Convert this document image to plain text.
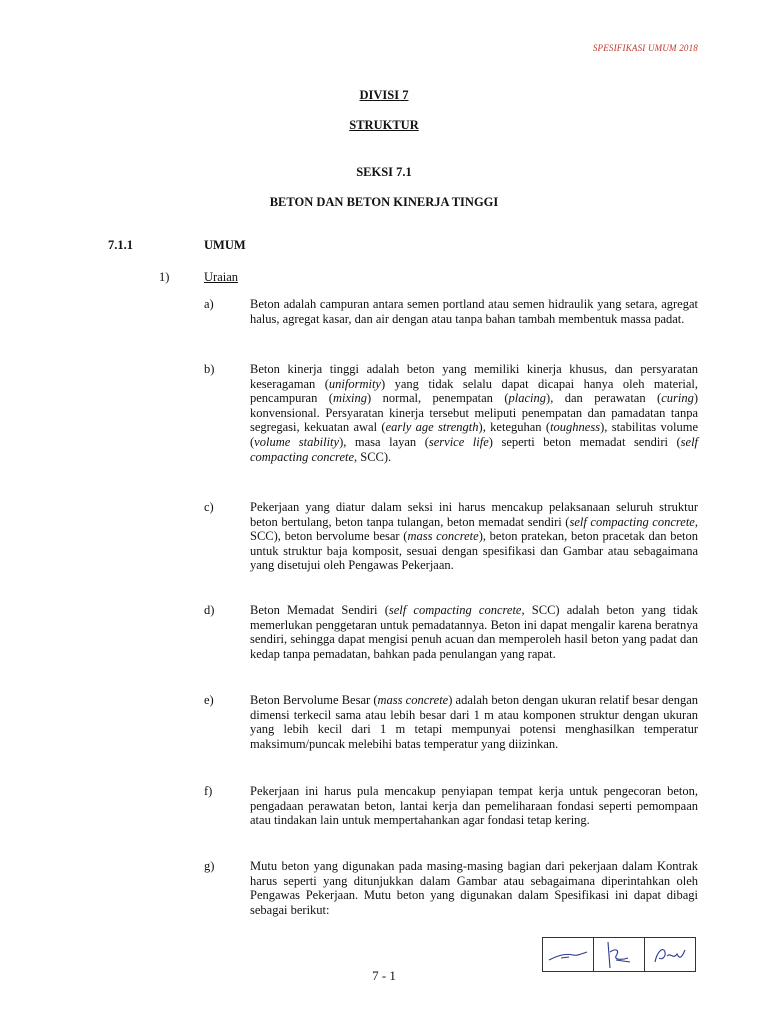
SPESIFIKASI UMUM 2018
DIVISI 7
STRUKTUR
SEKSI 7.1
BETON DAN BETON KINERJA TINGGI
7.1.1	UMUM
1)	Uraian
a)	Beton adalah campuran antara semen portland atau semen hidraulik yang setara, agregat halus, agregat kasar, dan air dengan atau tanpa bahan tambah membentuk massa padat.
b)	Beton kinerja tinggi adalah beton yang memiliki kinerja khusus, dan persyaratan keseragaman (uniformity) yang tidak selalu dapat dicapai hanya oleh material, pencampuran (mixing) normal, penempatan (placing), dan perawatan (curing) konvensional. Persyaratan kinerja tersebut meliputi penempatan dan pamadatan tanpa segregasi, kekuatan awal (early age strength), keteguhan (toughness), stabilitas volume (volume stability), masa layan (service life) seperti beton memadat sendiri (self compacting concrete, SCC).
c)	Pekerjaan yang diatur dalam seksi ini harus mencakup pelaksanaan seluruh struktur beton bertulang, beton tanpa tulangan, beton memadat sendiri (self compacting concrete, SCC), beton bervolume besar (mass concrete), beton pratekan, beton pracetak dan beton untuk struktur baja komposit, sesuai dengan spesifikasi dan Gambar atau sebagaimana yang disetujui oleh Pengawas Pekerjaan.
d)	Beton Memadat Sendiri (self compacting concrete, SCC) adalah beton yang tidak memerlukan penggetaran untuk pemadatannya. Beton ini dapat mengalir karena beratnya sendiri, sehingga dapat mengisi penuh acuan dan memperoleh hasil beton yang padat dan kedap tanpa pemadatan, bahkan pada penulangan yang rapat.
e)	Beton Bervolume Besar (mass concrete) adalah beton dengan ukuran relatif besar dengan dimensi terkecil sama atau lebih besar dari 1 m atau komponen struktur dengan ukuran yang lebih kecil dari 1 m tetapi mempunyai potensi menghasilkan temperatur maksimum/puncak melebihi batas temperatur yang diizinkan.
f)	Pekerjaan ini harus pula mencakup penyiapan tempat kerja untuk pengecoran beton, pengadaan perawatan beton, lantai kerja dan pemeliharaan fondasi seperti pemompaan atau tindakan lain untuk mempertahankan agar fondasi tetap kering.
g)	Mutu beton yang digunakan pada masing-masing bagian dari pekerjaan dalam Kontrak harus seperti yang ditunjukkan dalam Gambar atau sebagaimana diperintahkan oleh Pengawas Pekerjaan. Mutu beton yang digunakan dalam Spesifikasi ini dapat dibagi sebagai berikut:
7 - 1
